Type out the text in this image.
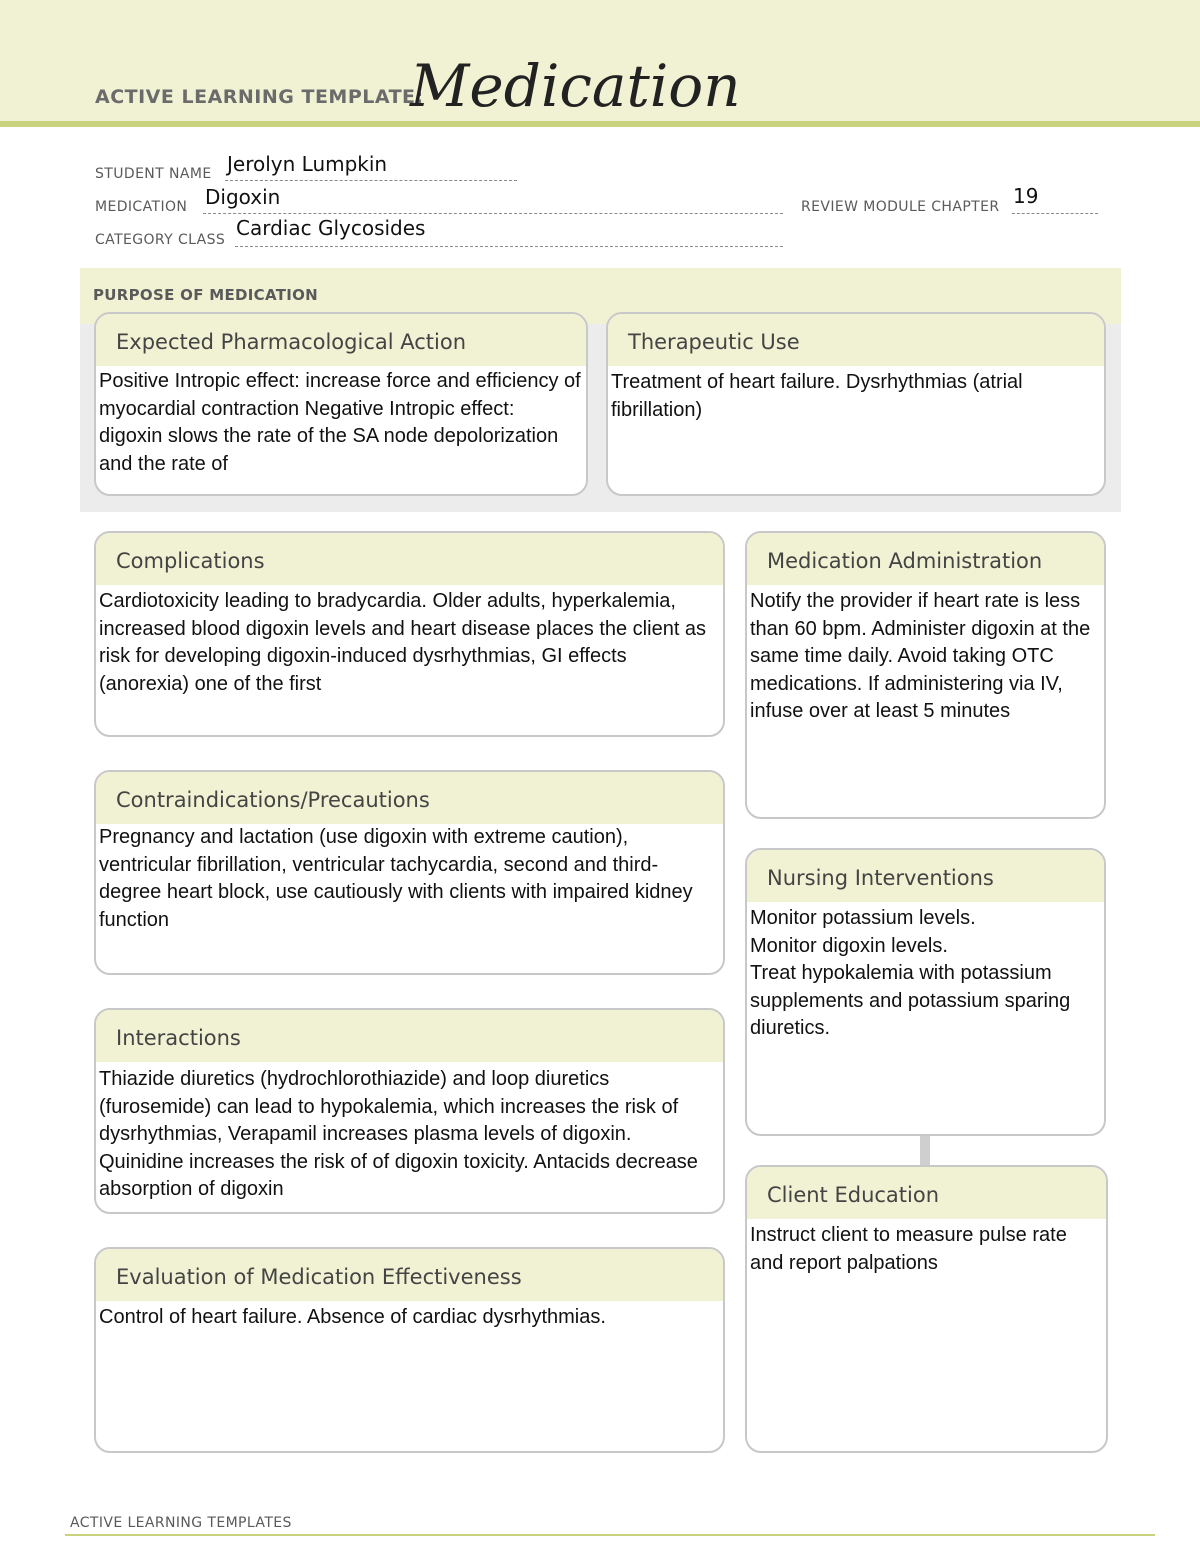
ACTIVE LEARNING TEMPLATE:
Medication
STUDENT NAME Jerolyn Lumpkin
MEDICATION Digoxin	REVIEW MODULE CHAPTER 19
CATEGORY CLASS Cardiac Glycosides
PURPOSE OF MEDICATION
Expected Pharmacological Action
Positive Intropic effect: increase force and efficiency of myocardial contraction Negative Intropic effect: digoxin slows the rate of the SA node depolorization and the rate of
Therapeutic Use
Treatment of heart failure. Dysrhythmias (atrial fibrillation)
Complications
Cardiotoxicity leading to bradycardia. Older adults, hyperkalemia, increased blood digoxin levels and heart disease places the client as risk for developing digoxin-induced dysrhythmias, GI effects (anorexia) one of the first
Contraindications/Precautions
Pregnancy and lactation (use digoxin with extreme caution), ventricular fibrillation, ventricular tachycardia, second and third-degree heart block, use cautiously with clients with impaired kidney function
Interactions
Thiazide diuretics (hydrochlorothiazide) and loop diuretics (furosemide) can lead to hypokalemia, which increases the risk of dysrhythmias, Verapamil increases plasma levels of digoxin. Quinidine increases the risk of of digoxin toxicity. Antacids decrease absorption of digoxin
Evaluation of Medication Effectiveness
Control of heart failure. Absence of cardiac dysrhythmias.
Medication Administration
Notify the provider if heart rate is less than 60 bpm. Administer digoxin at the same time daily. Avoid taking OTC medications. If administering via IV, infuse over at least 5 minutes
Nursing Interventions
Monitor potassium levels.
Monitor digoxin levels.
Treat hypokalemia with potassium supplements and potassium sparing diuretics.
Client Education
Instruct client to measure pulse rate and report palpations
ACTIVE LEARNING TEMPLATES
